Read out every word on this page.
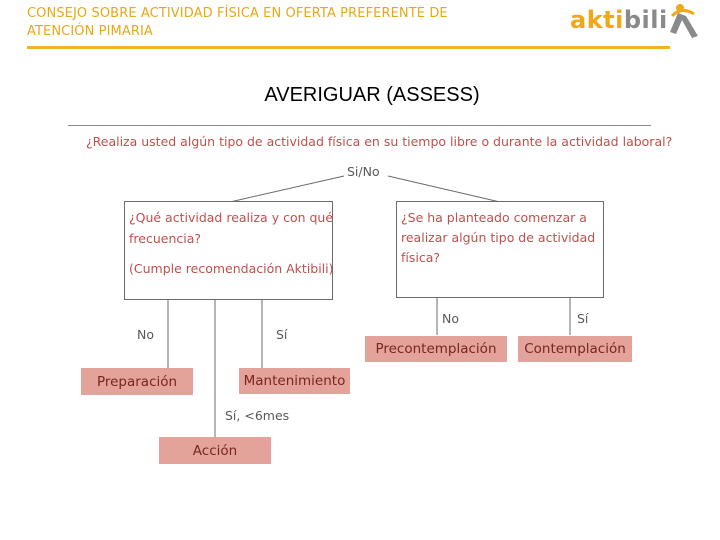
CONSEJO SOBRE ACTIVIDAD FÍSICA EN OFERTA PREFERENTE DE
ATENCIÓN PIMARIA	aktibili
AVERIGUAR (ASSESS)
¿Realiza usted algún tipo de actividad física en su tiempo libre o durante la actividad laboral?
Si/No
¿Qué actividad realiza y con qué
frecuencia?
(Cumple recomendación Aktibili)
¿Se ha planteado comenzar a
realizar algún tipo de actividad
física?
No	Sí
Sí, <6mes
No	Sí
Preparación	Mantenimiento
Acción
Precontemplación	Contemplación
